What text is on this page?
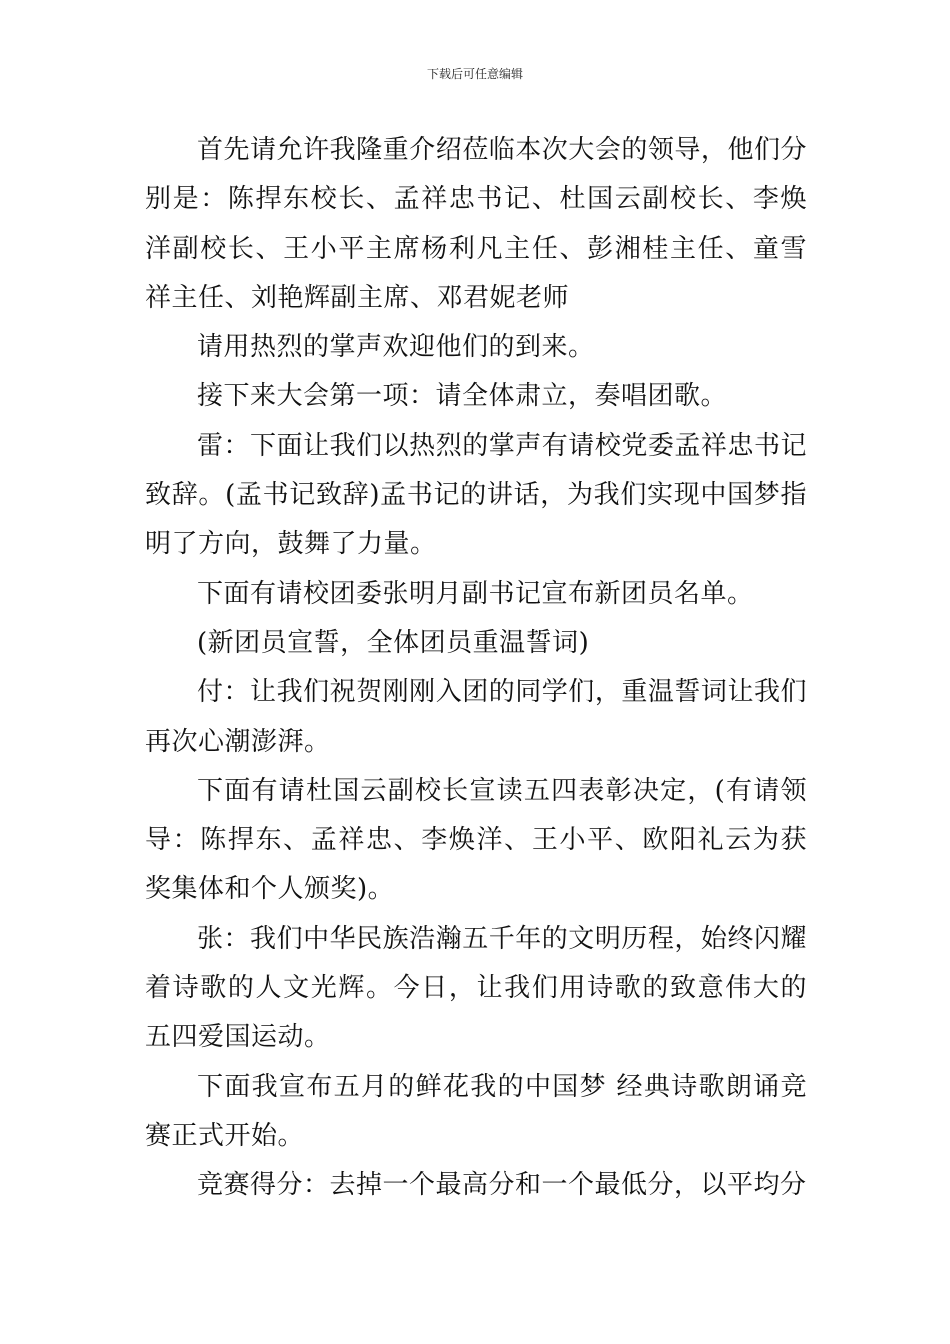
下载后可任意编辑

首先请允许我隆重介绍莅临本次大会的领导，他们分别是：陈捍东校长、孟祥忠书记、杜国云副校长、李焕洋副校长、王小平主席杨利凡主任、彭湘桂主任、童雪祥主任、刘艳辉副主席、邓君妮老师

请用热烈的掌声欢迎他们的到来。

接下来大会第一项：请全体肃立，奏唱团歌。

雷：下面让我们以热烈的掌声有请校党委孟祥忠书记致辞。(孟书记致辞)孟书记的讲话，为我们实现中国梦指明了方向，鼓舞了力量。

下面有请校团委张明月副书记宣布新团员名单。

(新团员宣誓，全体团员重温誓词)

付：让我们祝贺刚刚入团的同学们，重温誓词让我们再次心潮澎湃。

下面有请杜国云副校长宣读五四表彰决定，(有请领导：陈捍东、孟祥忠、李焕洋、王小平、欧阳礼云为获奖集体和个人颁奖)。

张：我们中华民族浩瀚五千年的文明历程，始终闪耀着诗歌的人文光辉。今日，让我们用诗歌的致意伟大的五四爱国运动。

下面我宣布五月的鲜花我的中国梦 经典诗歌朗诵竞赛正式开始。

竞赛得分：去掉一个最高分和一个最低分，以平均分
